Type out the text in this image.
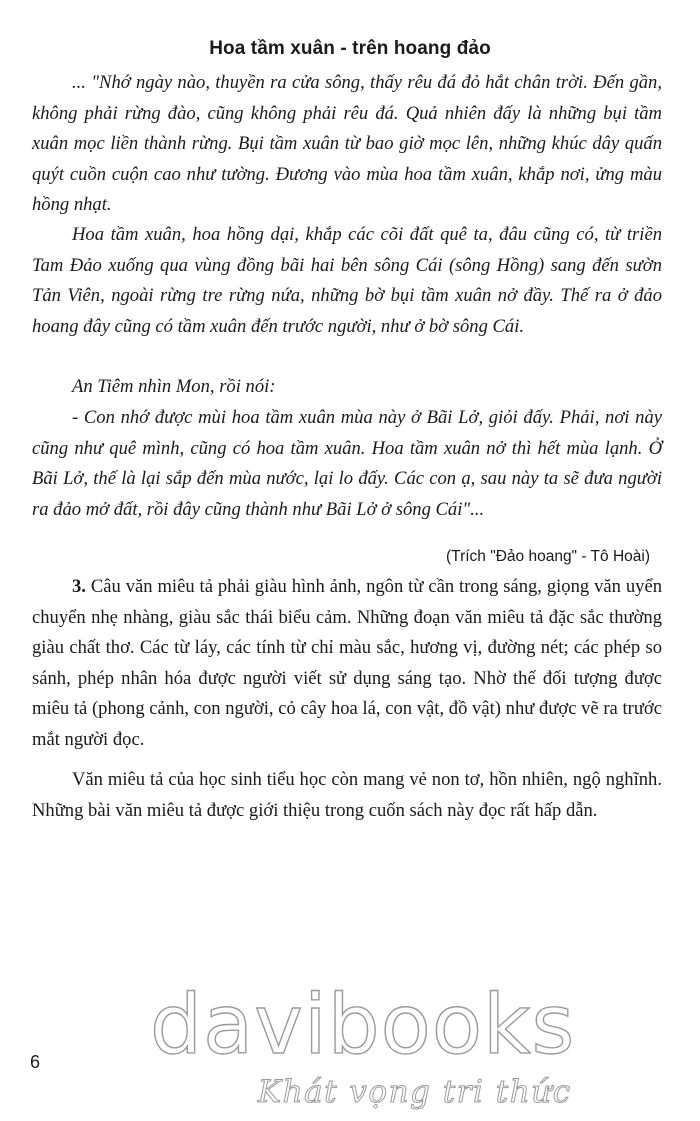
Hoa tầm xuân - trên hoang đảo

... "Nhớ ngày nào, thuyền ra cửa sông, thấy rêu đá đỏ hắt chân trời. Đến gần, không phải rừng đào, cũng không phải rêu đá. Quả nhiên đấy là những bụi tầm xuân mọc liền thành rừng. Bụi tầm xuân từ bao giờ mọc lên, những khúc dây quấn quýt cuồn cuộn cao như tường. Đương vào mùa hoa tầm xuân, khắp nơi, ửng màu hồng nhạt.

Hoa tầm xuân, hoa hồng dại, khắp các cõi đất quê ta, đâu cũng có, từ triền Tam Đảo xuống qua vùng đồng bãi hai bên sông Cái (sông Hồng) sang đến sườn Tản Viên, ngoài rừng tre rừng nứa, những bờ bụi tầm xuân nở đầy. Thế ra ở đảo hoang đây cũng có tầm xuân đến trước người, như ở bờ sông Cái.

An Tiêm nhìn Mon, rồi nói:

- Con nhớ được mùi hoa tầm xuân mùa này ở Bãi Lở, giỏi đấy. Phải, nơi này cũng như quê mình, cũng có hoa tầm xuân. Hoa tầm xuân nở thì hết mùa lạnh. Ở Bãi Lở, thế là lại sắp đến mùa nước, lại lo đấy. Các con ạ, sau này ta sẽ đưa người ra đảo mở đất, rồi đây cũng thành như Bãi Lở ở sông Cái"...

(Trích "Đảo hoang" - Tô Hoài)

3. Câu văn miêu tả phải giàu hình ảnh, ngôn từ cần trong sáng, giọng văn uyển chuyển nhẹ nhàng, giàu sắc thái biểu cảm. Những đoạn văn miêu tả đặc sắc thường giàu chất thơ. Các từ láy, các tính từ chỉ màu sắc, hương vị, đường nét; các phép so sánh, phép nhân hóa được người viết sử dụng sáng tạo. Nhờ thế đối tượng được miêu tả (phong cảnh, con người, cỏ cây hoa lá, con vật, đồ vật) như được vẽ ra trước mắt người đọc.

Văn miêu tả của học sinh tiểu học còn mang vẻ non tơ, hồn nhiên, ngộ nghĩnh. Những bài văn miêu tả được giới thiệu trong cuốn sách này đọc rất hấp dẫn.

6 davibooks
Khát vọng tri thức
